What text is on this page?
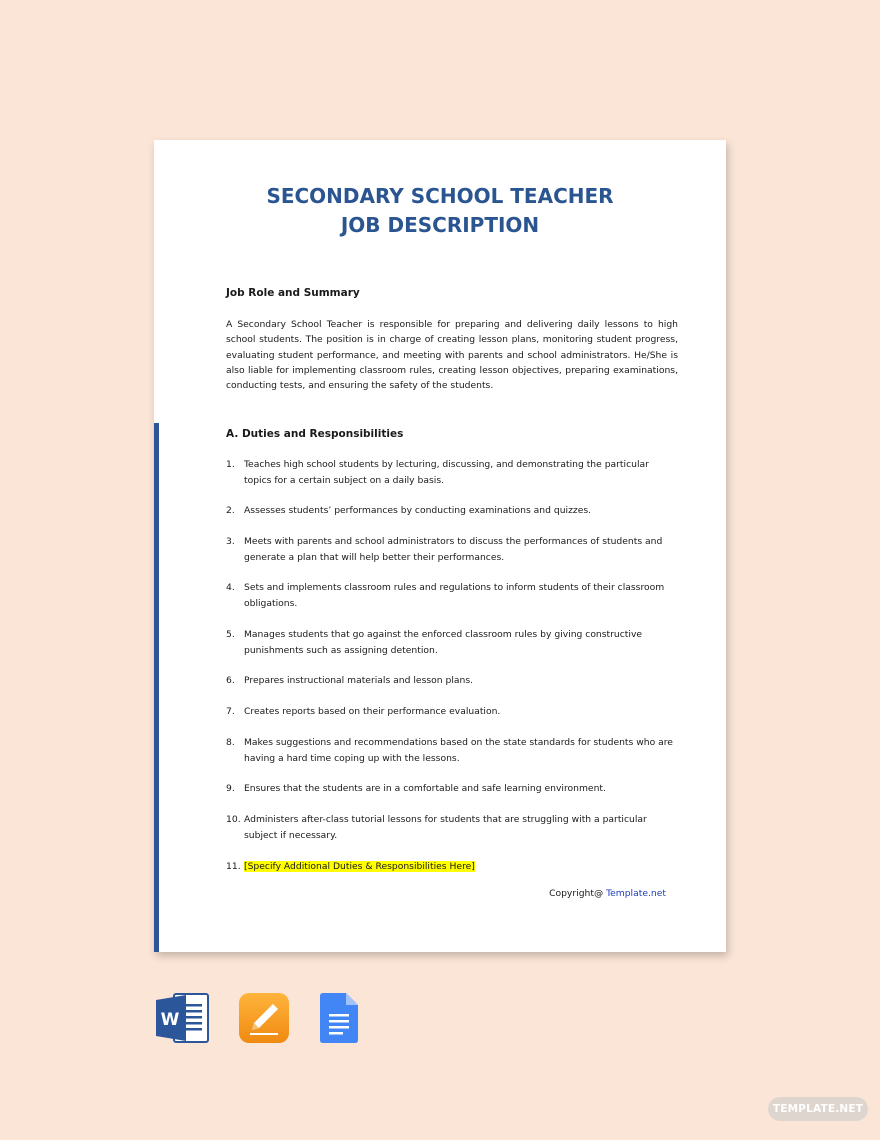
SECONDARY SCHOOL TEACHER
JOB DESCRIPTION
Job Role and Summary
A Secondary School Teacher is responsible for preparing and delivering daily lessons to high school students. The position is in charge of creating lesson plans, monitoring student progress, evaluating student performance, and meeting with parents and school administrators. He/She is also liable for implementing classroom rules, creating lesson objectives, preparing examinations, conducting tests, and ensuring the safety of the students.
A. Duties and Responsibilities
1. Teaches high school students by lecturing, discussing, and demonstrating the particular topics for a certain subject on a daily basis.
2. Assesses students’ performances by conducting examinations and quizzes.
3. Meets with parents and school administrators to discuss the performances of students and generate a plan that will help better their performances.
4. Sets and implements classroom rules and regulations to inform students of their classroom obligations.
5. Manages students that go against the enforced classroom rules by giving constructive punishments such as assigning detention.
6. Prepares instructional materials and lesson plans.
7. Creates reports based on their performance evaluation.
8. Makes suggestions and recommendations based on the state standards for students who are having a hard time coping up with the lessons.
9. Ensures that the students are in a comfortable and safe learning environment.
10. Administers after-class tutorial lessons for students that are struggling with a particular subject if necessary.
11. [Specify Additional Duties & Responsibilities Here]
Copyright@ Template.net
W
TEMPLATE.NET
